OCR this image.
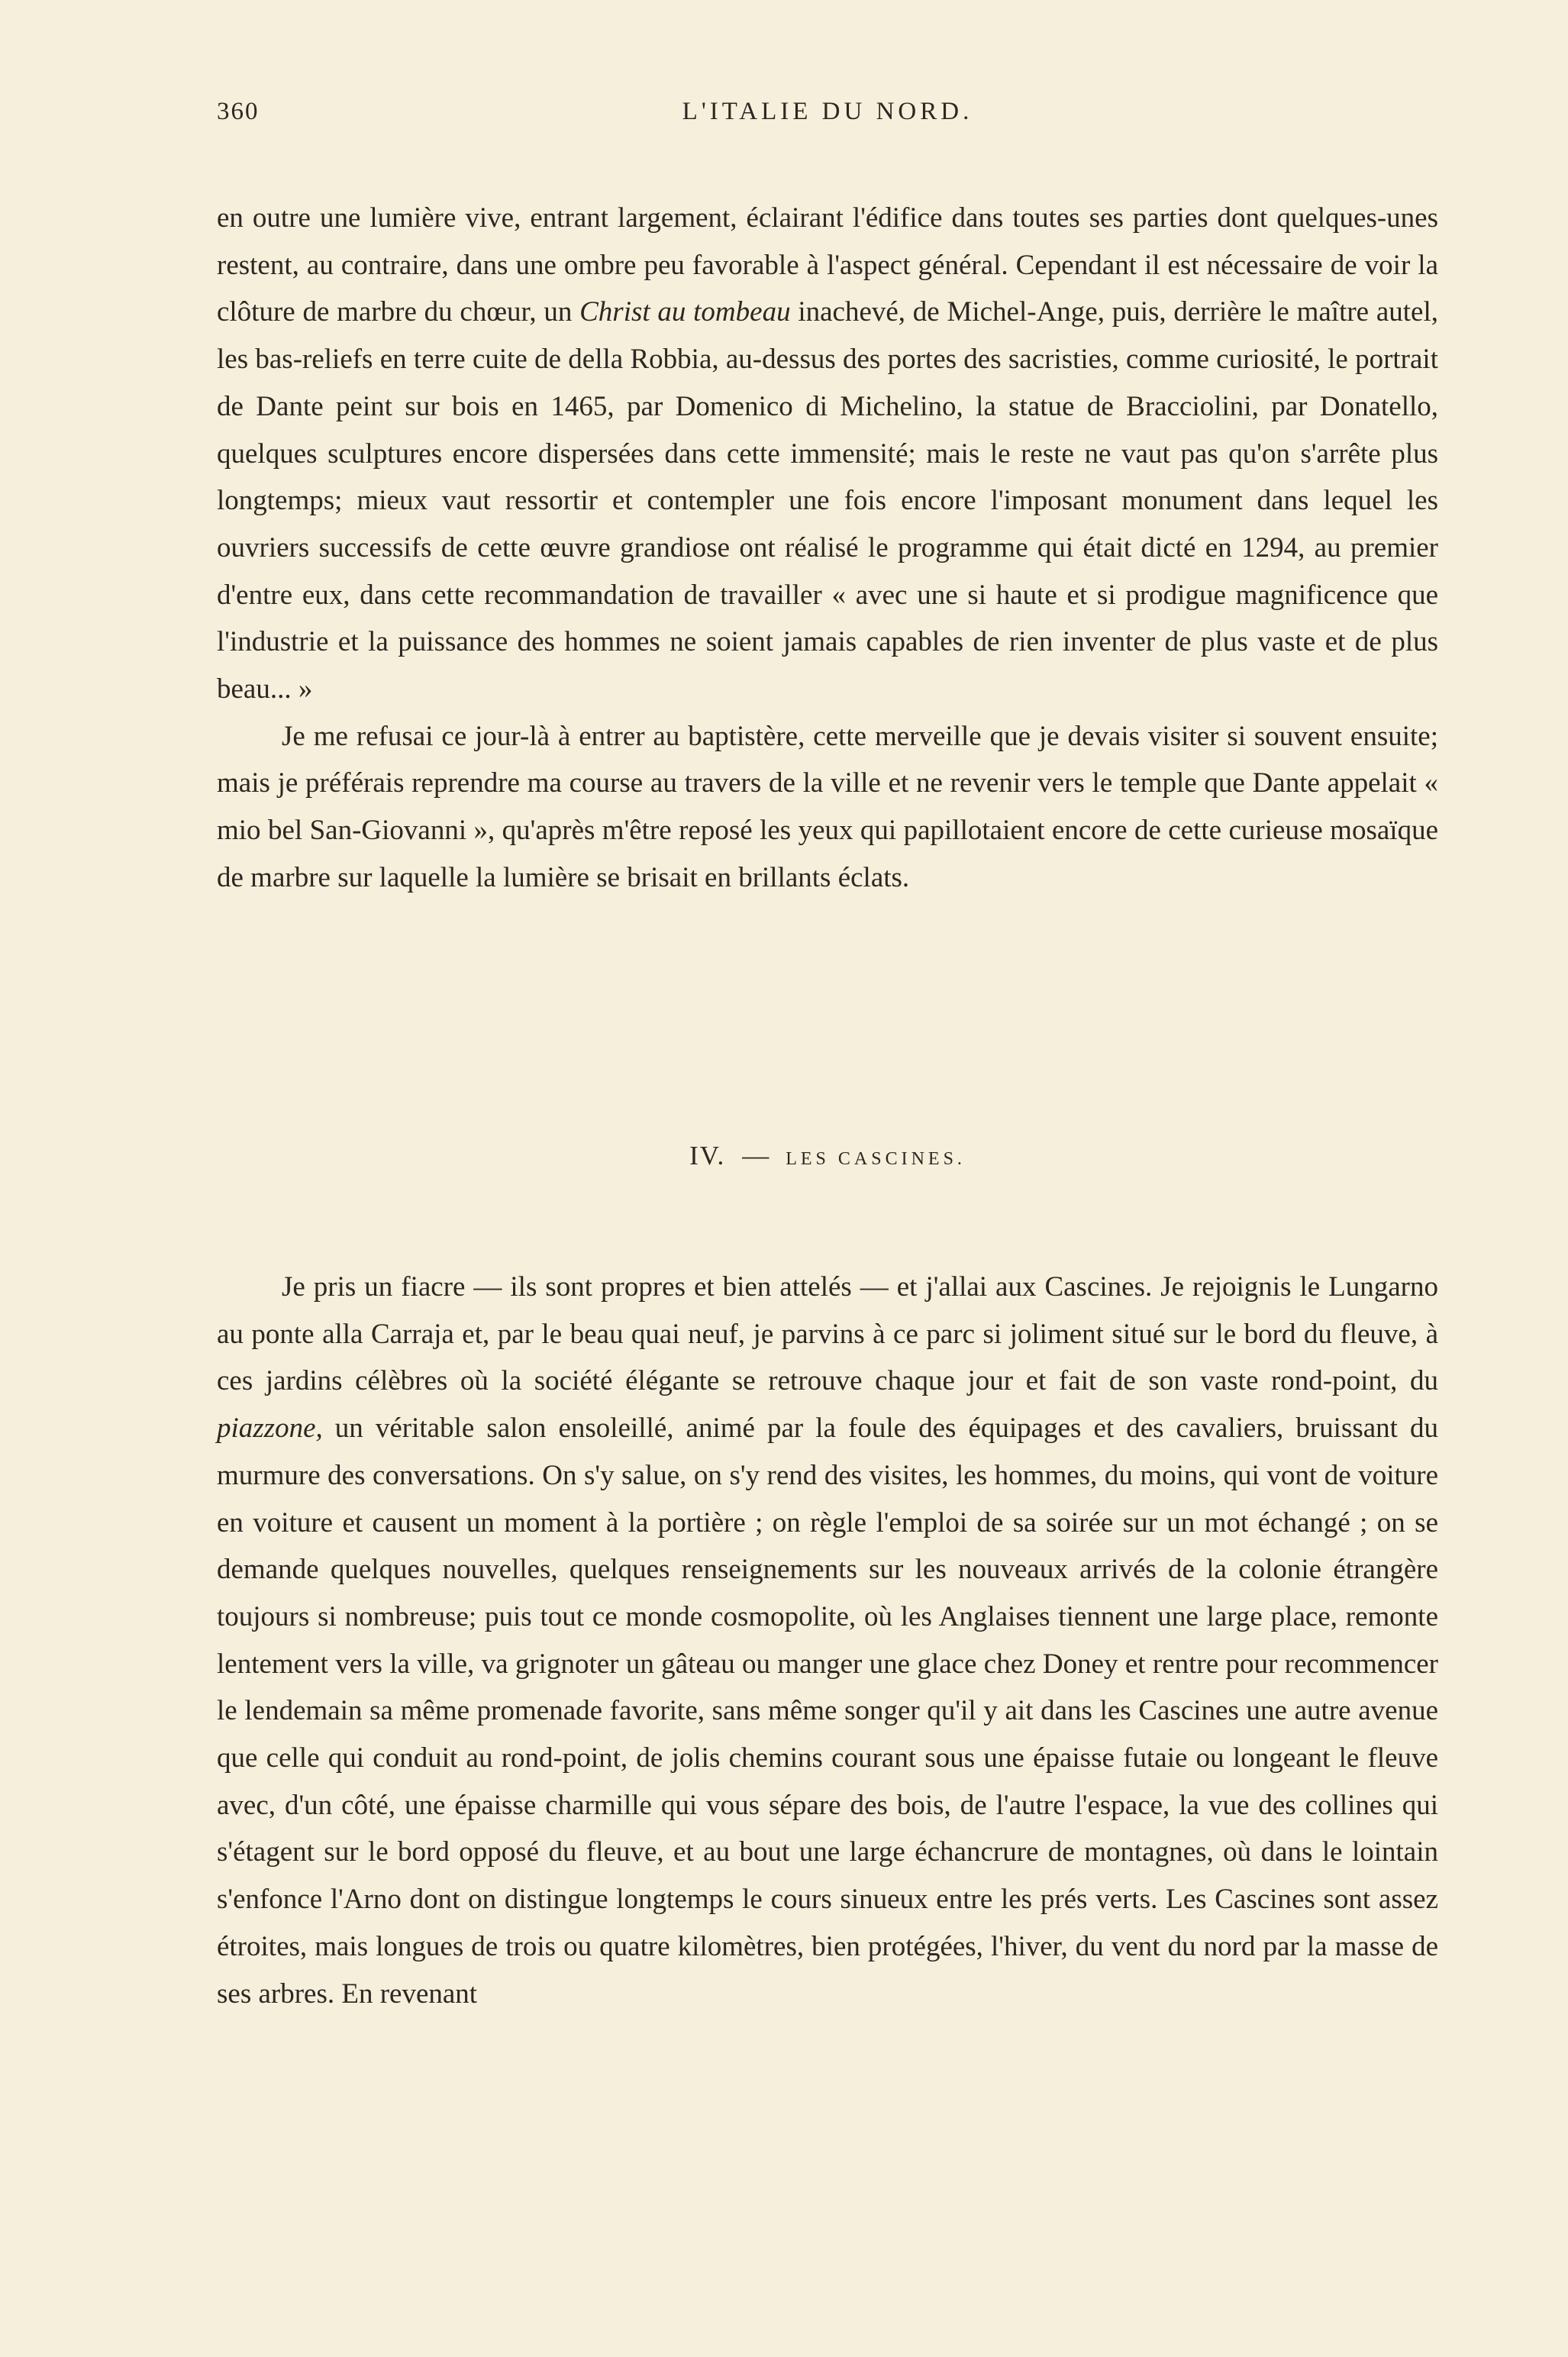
360	L'ITALIE DU NORD.

en outre une lumière vive, entrant largement, éclairant l'édifice dans toutes ses parties dont quelques-unes restent, au contraire, dans une ombre peu favorable à l'aspect général. Cependant il est nécessaire de voir la clôture de marbre du chœur, un Christ au tombeau inachevé, de Michel-Ange, puis, derrière le maître autel, les bas-reliefs en terre cuite de della Robbia, au-dessus des portes des sacristies, comme curiosité, le portrait de Dante peint sur bois en 1465, par Domenico di Michelino, la statue de Bracciolini, par Donatello, quelques sculptures encore dispersées dans cette immensité; mais le reste ne vaut pas qu'on s'arrête plus longtemps; mieux vaut ressortir et contempler une fois encore l'imposant monument dans lequel les ouvriers successifs de cette œuvre grandiose ont réalisé le programme qui était dicté en 1294, au premier d'entre eux, dans cette recommandation de travailler « avec une si haute et si prodigue magnificence que l'industrie et la puissance des hommes ne soient jamais capables de rien inventer de plus vaste et de plus beau... »

Je me refusai ce jour-là à entrer au baptistère, cette merveille que je devais visiter si souvent ensuite; mais je préférais reprendre ma course au travers de la ville et ne revenir vers le temple que Dante appelait « mio bel San-Giovanni », qu'après m'être reposé les yeux qui papillotaient encore de cette curieuse mosaïque de marbre sur laquelle la lumière se brisait en brillants éclats.

IV. — LES CASCINES.

Je pris un fiacre — ils sont propres et bien attelés — et j'allai aux Cascines. Je rejoignis le Lungarno au ponte alla Carraja et, par le beau quai neuf, je parvins à ce parc si joliment situé sur le bord du fleuve, à ces jardins célèbres où la société élégante se retrouve chaque jour et fait de son vaste rond-point, du piazzone, un véritable salon ensoleillé, animé par la foule des équipages et des cavaliers, bruissant du murmure des conversations. On s'y salue, on s'y rend des visites, les hommes, du moins, qui vont de voiture en voiture et causent un moment à la portière ; on règle l'emploi de sa soirée sur un mot échangé ; on se demande quelques nouvelles, quelques renseignements sur les nouveaux arrivés de la colonie étrangère toujours si nombreuse; puis tout ce monde cosmopolite, où les Anglaises tiennent une large place, remonte lentement vers la ville, va grignoter un gâteau ou manger une glace chez Doney et rentre pour recommencer le lendemain sa même promenade favorite, sans même songer qu'il y ait dans les Cascines une autre avenue que celle qui conduit au rond-point, de jolis chemins courant sous une épaisse futaie ou longeant le fleuve avec, d'un côté, une épaisse charmille qui vous sépare des bois, de l'autre l'espace, la vue des collines qui s'étagent sur le bord opposé du fleuve, et au bout une large échancrure de montagnes, où dans le lointain s'enfonce l'Arno dont on distingue longtemps le cours sinueux entre les prés verts. Les Cascines sont assez étroites, mais longues de trois ou quatre kilomètres, bien protégées, l'hiver, du vent du nord par la masse de ses arbres. En revenant
